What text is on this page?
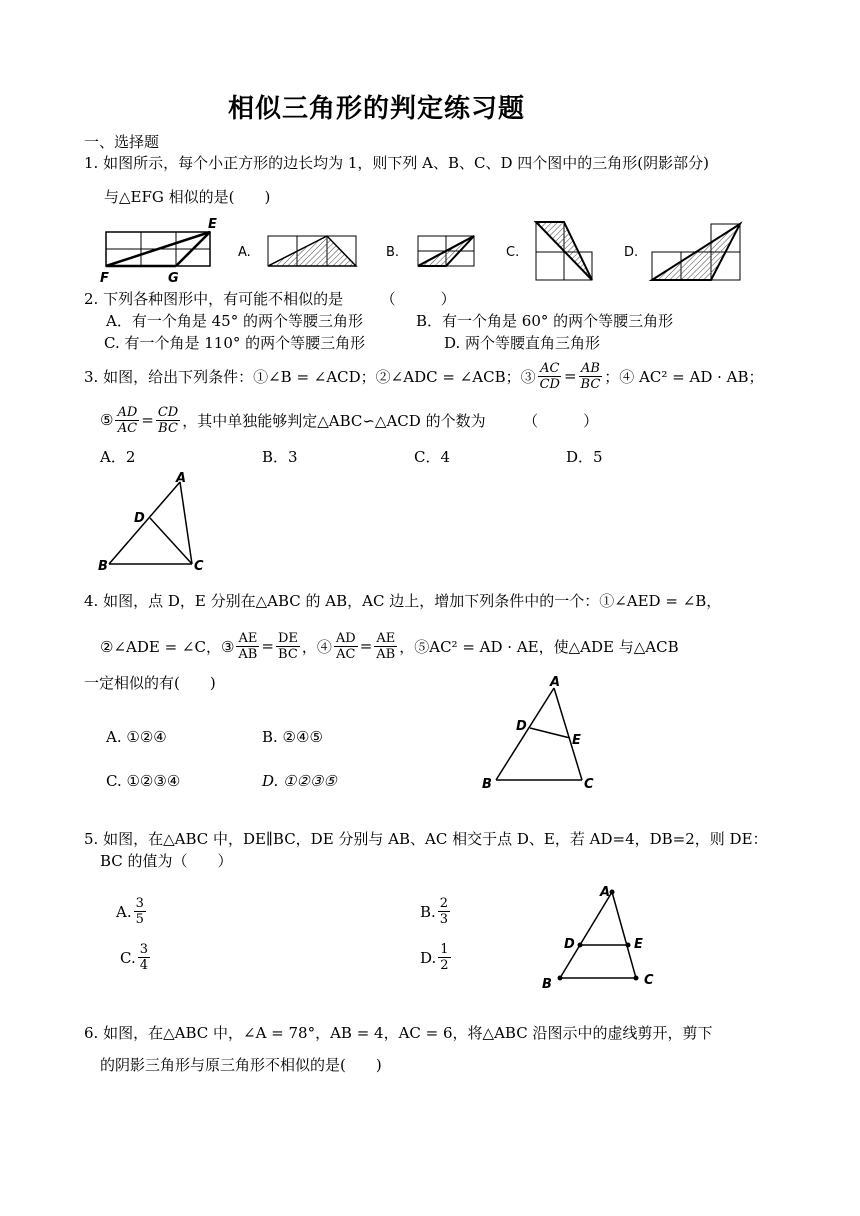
相似三角形的判定练习题
一、选择题
1. 如图所示，每个小正方形的边长均为 1，则下列 A、B、C、D 四个图中的三角形(阴影部分)
与△EFG 相似的是(　　)
E
F	G
A.	B.	C.	D.
2. 下列各种图形中，有可能不相似的是　　　（　　　）
A．有一个角是 45° 的两个等腰三角形	B．有一个角是 60° 的两个等腰三角形
C. 有一个角是 110° 的两个等腰三角形	D. 两个等腰直角三角形
3. 如图，给出下列条件：①∠B = ∠ACD；②∠ADC = ∠ACB；③ $\frac{AC}{CD} = \frac{AB}{BC}$ ；④ AC² = AD · AB；
⑤ $\frac{AD}{AC} = \frac{CD}{BC}$ ，其中单独能够判定△ABC∽△ACD 的个数为　　　（　　　）
A．2	B．3	C．4	D．5
A
D
B	C
4. 如图，点 D，E 分别在△ABC 的 AB，AC 边上，增加下列条件中的一个：①∠AED = ∠B，
②∠ADE = ∠C，③ $\frac{AE}{AB} = \frac{DE}{BC}$ ，④ $\frac{AD}{AC} = \frac{AE}{AB}$ ，⑤AC² = AD · AE，使△ADE 与△ACB
一定相似的有(　　)
A. ①②④	B. ②④⑤
C. ①②③④	D. ①②③⑤
A
D
E
B	C
5. 如图，在△ABC 中，DE∥BC，DE 分别与 AB、AC 相交于点 D、E，若 AD=4，DB=2，则 DE：
BC 的值为（　　）
A. $\frac{3}{5}$	B. $\frac{2}{3}$
C. $\frac{3}{4}$	D. $\frac{1}{2}$
A
D	E
B	C
6. 如图，在△ABC 中，∠A = 78°，AB = 4，AC = 6，将△ABC 沿图示中的虚线剪开，剪下
的阴影三角形与原三角形不相似的是(　　)
